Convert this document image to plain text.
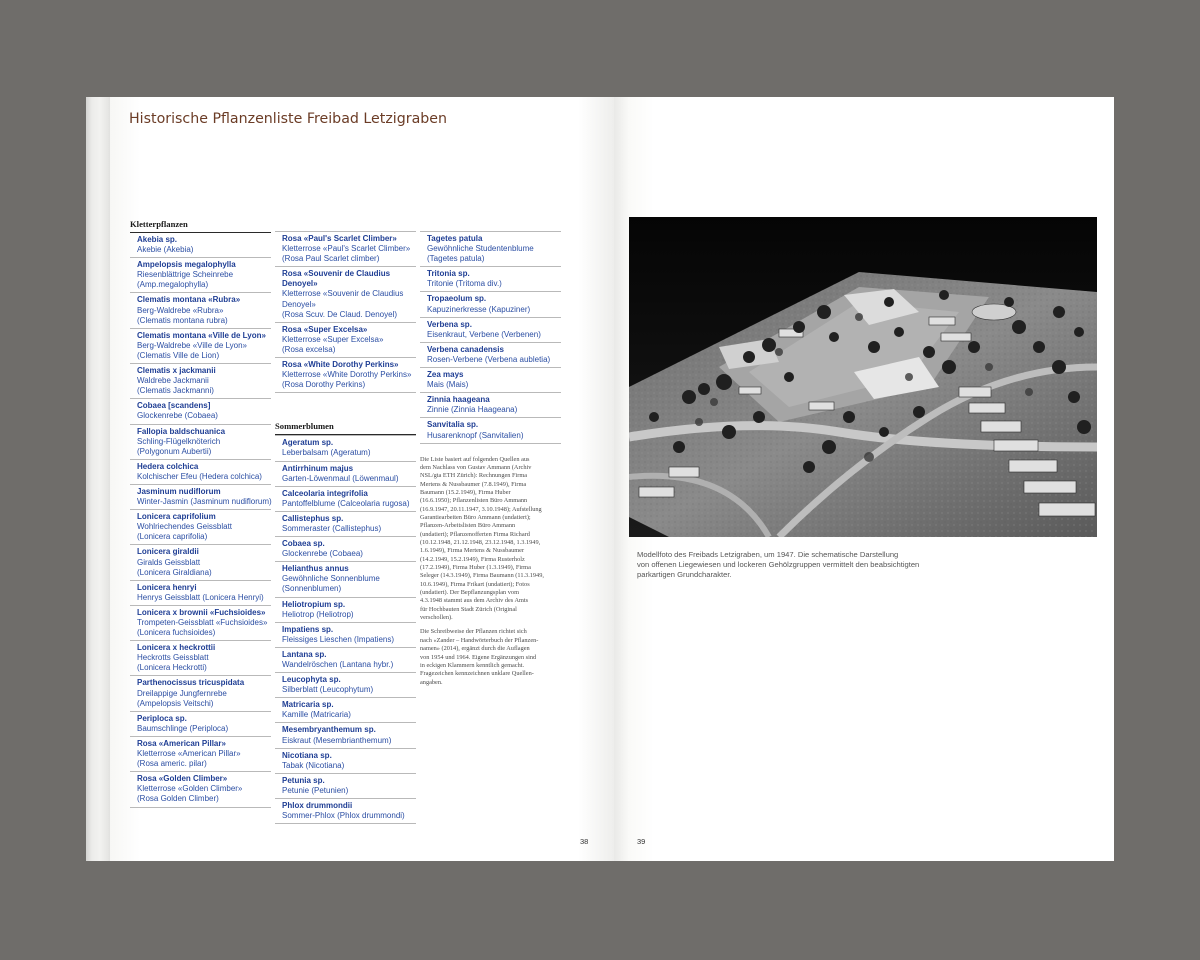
Historische Pflanzenliste Freibad Letzigraben
Kletterpflanzen
Akebia sp.
Akebie (Akebia)
Ampelopsis megalophylla
Riesenblättrige Scheinrebe
(Amp.megalophylla)
Clematis montana «Rubra»
Berg-Waldrebe «Rubra»
(Clematis montana rubra)
Clematis montana «Ville de Lyon»
Berg-Waldrebe «Ville de Lyon»
(Clematis Ville de Lion)
Clematis x jackmanii
Waldrebe Jackmanii
(Clematis Jackmanni)
Cobaea [scandens]
Glockenrebe (Cobaea)
Fallopia baldschuanica
Schling-Flügelknöterich
(Polygonum Aubertii)
Hedera colchica
Kolchischer Efeu (Hedera colchica)
Jasminum nudiflorum
Winter-Jasmin (Jasminum nudiflorum)
Lonicera caprifolium
Wohlriechendes Geissblatt
(Lonicera caprifolia)
Lonicera giraldii
Giralds Geissblatt
(Lonicera Giraldiana)
Lonicera henryi
Henrys Geissblatt (Lonicera Henryi)
Lonicera x brownii «Fuchsioides»
Trompeten-Geissblatt «Fuchsioides»
(Lonicera fuchsioides)
Lonicera x heckrottii
Heckrotts Geissblatt
(Lonicera Heckrotti)
Parthenocissus tricuspidata
Dreilappige Jungfernrebe
(Ampelopsis Veitschi)
Periploca sp.
Baumschlinge (Periploca)
Rosa «American Pillar»
Kletterrose «American Pillar»
(Rosa americ. pilar)
Rosa «Golden Climber»
Kletterrose «Golden Climber»
(Rosa Golden Climber)
Rosa «Paul's Scarlet Climber»
Kletterrose «Paul's Scarlet Climber»
(Rosa Paul Scarlet climber)
Rosa «Souvenir de Claudius
Denoyel»
Kletterrose «Souvenir de Claudius
Denoyel»
(Rosa Scuv. De Claud. Denoyel)
Rosa «Super Excelsa»
Kletterrose «Super Excelsa»
(Rosa excelsa)
Rosa «White Dorothy Perkins»
Kletterrose «White Dorothy Perkins»
(Rosa Dorothy Perkins)
Sommerblumen
Ageratum sp.
Leberbalsam (Ageratum)
Antirrhinum majus
Garten-Löwenmaul (Löwenmaul)
Calceolaria integrifolia
Pantoffelblume (Calceolaria rugosa)
Callistephus sp.
Sommeraster (Callistephus)
Cobaea sp.
Glockenrebe (Cobaea)
Helianthus annus
Gewöhnliche Sonnenblume
(Sonnenblumen)
Heliotropium sp.
Heliotrop (Heliotrop)
Impatiens sp.
Fleissiges Lieschen (Impatiens)
Lantana sp.
Wandelröschen (Lantana hybr.)
Leucophyta sp.
Silberblatt (Leucophytum)
Matricaria sp.
Kamille (Matricaria)
Mesembryanthemum sp.
Eiskraut (Mesembrianthemum)
Nicotiana sp.
Tabak (Nicotiana)
Petunia sp.
Petunie (Petunien)
Phlox drummondii
Sommer-Phlox (Phlox drummondi)
Tagetes patula
Gewöhnliche Studentenblume
(Tagetes patula)
Tritonia sp.
Tritonie (Tritoma div.)
Tropaeolum sp.
Kapuzinerkresse (Kapuziner)
Verbena sp.
Eisenkraut, Verbene (Verbenen)
Verbena canadensis
Rosen-Verbene (Verbena aubletia)
Zea mays
Mais (Mais)
Zinnia haageana
Zinnie (Zinnia Haageana)
Sanvitalia sp.
Husarenknopf (Sanvitalien)

Die Liste basiert auf folgenden Quellen aus
dem Nachlass von Gustav Ammann (Archiv
NSL/gta ETH Zürich): Rechnungen Firma
Mertens & Nussbaumer (7.8.1949), Firma
Baumann (15.2.1949), Firma Huber
(16.6.1950); Pflanzenlisten Büro Ammann
(16.9.1947, 20.11.1947, 3.10.1948); Aufstellung
Garantiearbeiten Büro Ammann (undatiert);
Pflanzen-Arbeitslisten Büro Ammann
(undatiert); Pflanzenofferten Firma Richard
(10.12.1948, 21.12.1948, 23.12.1948, 1.3.1949,
1.6.1949), Firma Mertens & Nussbaumer
(14.2.1949, 15.2.1949), Firma Rusterholz
(17.2.1949), Firma Huber (1.3.1949), Firma
Seleger (14.3.1949), Firma Baumann (11.3.1949,
10.6.1949), Firma Frikart (undatiert); Fotos
(undatiert). Der Bepflanzungsplan vom
4.3.1948 stammt aus dem Archiv des Amts
für Hochbauten Stadt Zürich (Original
verschollen).

Die Schreibweise der Pflanzen richtet sich
nach «Zander – Handwörterbuch der Pflanzen-
namen» (2014), ergänzt durch die Auflagen
von 1954 und 1964. Eigene Ergänzungen sind
in eckigen Klammern kenntlich gemacht.
Fragezeichen kennzeichnen unklare Quellen-
angaben.

38
Modellfoto des Freibads Letzigraben, um 1947. Die schematische Darstellung
von offenen Liegewiesen und lockeren Gehölzgruppen vermittelt den beabsichtigten
parkartigen Grundcharakter.
39
